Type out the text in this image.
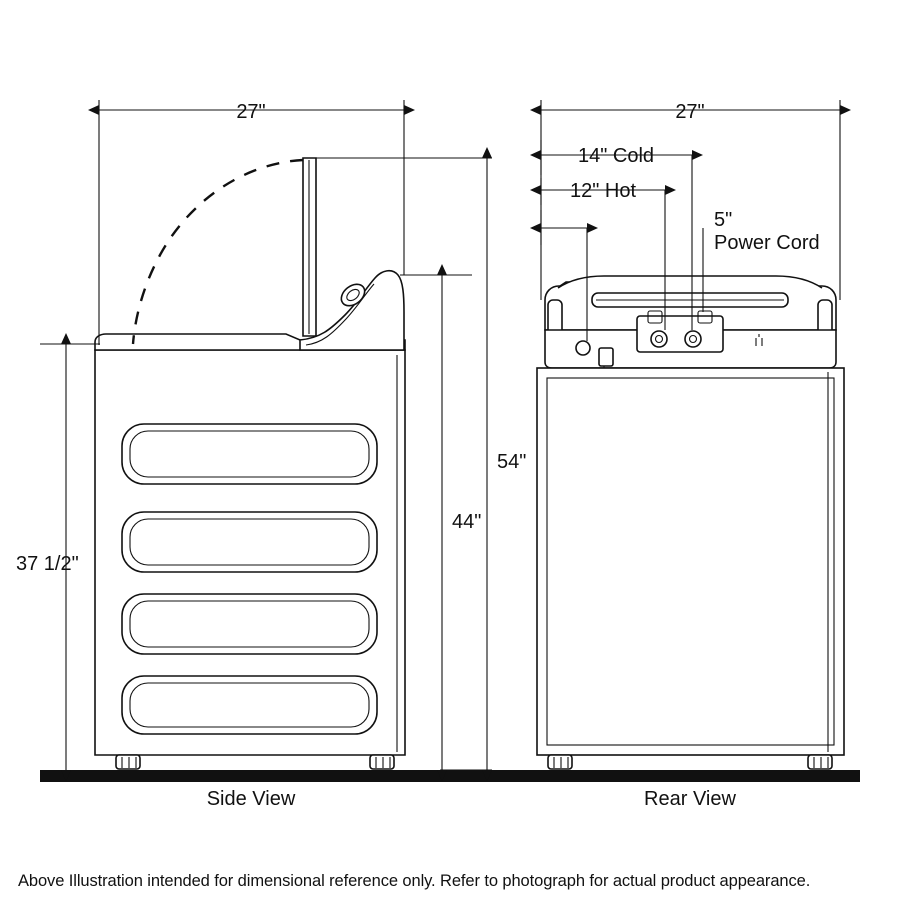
27"
54"
44"
37 1/2"
27"
14" Cold
12" Hot
5"
Power Cord
Side View	Rear View
Above Illustration intended for dimensional reference only. Refer to photograph for actual product appearance.
